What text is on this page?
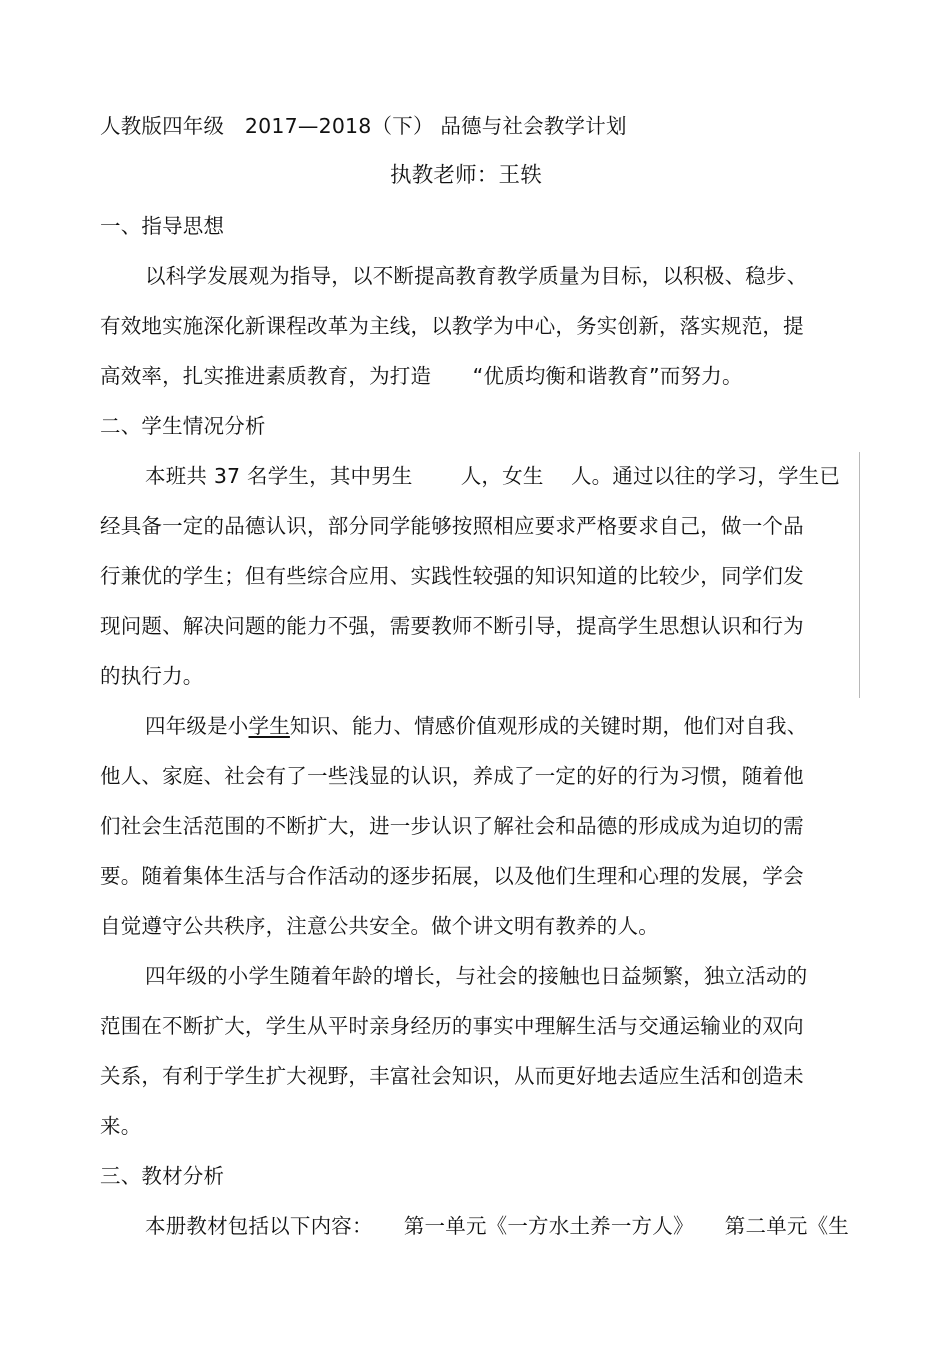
人教版四年级　2017—2018（下） 品德与社会教学计划
执教老师：王轶
一、指导思想
以科学发展观为指导，以不断提高教育教学质量为目标，以积极、稳步、
有效地实施深化新课程改革为主线，以教学为中心，务实创新，落实规范，提
高效率，扎实推进素质教育，为打造　　“优质均衡和谐教育”而努力。
二、学生情况分析
本班共 37 名学生，其中男生　　 人，女生　 人。通过以往的学习，学生已
经具备一定的品德认识，部分同学能够按照相应要求严格要求自己，做一个品
行兼优的学生；但有些综合应用、实践性较强的知识知道的比较少，同学们发
现问题、解决问题的能力不强，需要教师不断引导，提高学生思想认识和行为
的执行力。
四年级是小学生知识、能力、情感价值观形成的关键时期，他们对自我、
他人、家庭、社会有了一些浅显的认识，养成了一定的好的行为习惯，随着他
们社会生活范围的不断扩大，进一步认识了解社会和品德的形成成为迫切的需
要。随着集体生活与合作活动的逐步拓展，以及他们生理和心理的发展，学会
自觉遵守公共秩序，注意公共安全。做个讲文明有教养的人。
四年级的小学生随着年龄的增长，与社会的接触也日益频繁，独立活动的
范围在不断扩大，学生从平时亲身经历的事实中理解生活与交通运输业的双向
关系，有利于学生扩大视野，丰富社会知识，从而更好地去适应生活和创造未
来。
三、教材分析
本册教材包括以下内容：　　第一单元《一方水土养一方人》　　第二单元《生
